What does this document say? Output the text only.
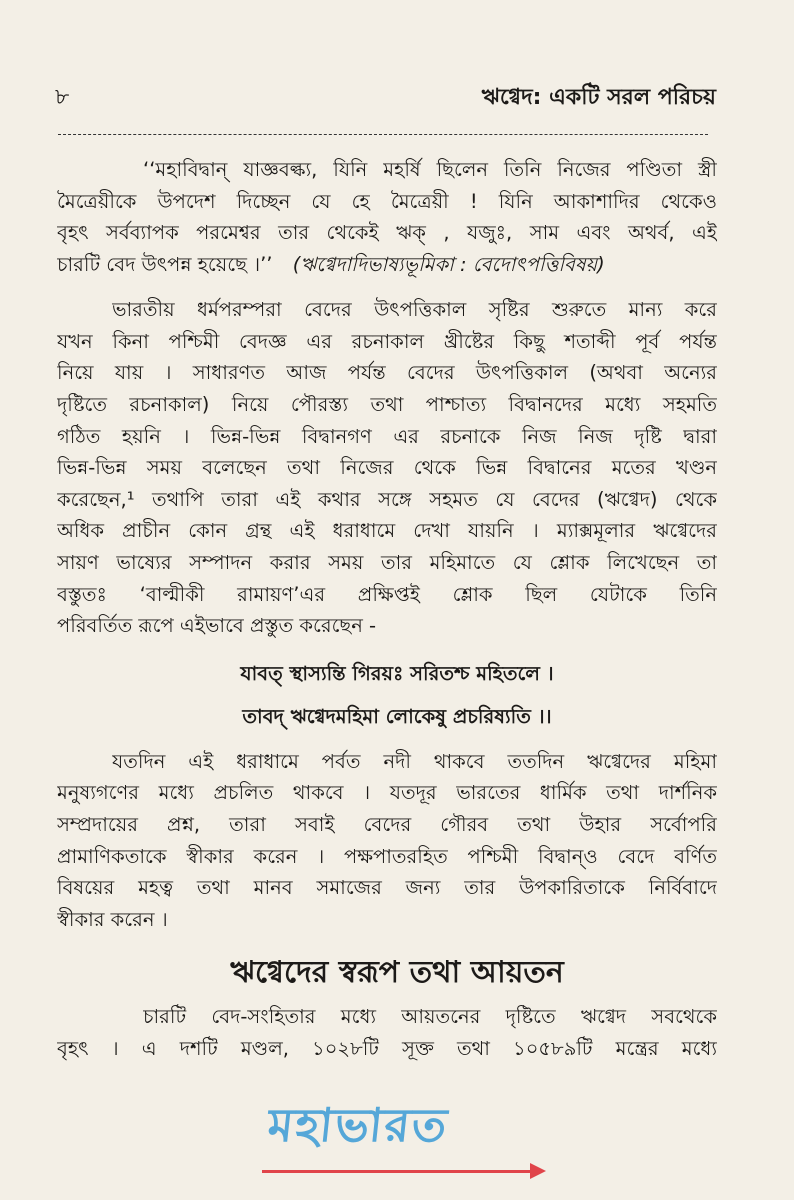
৮	ঋগ্বেদ: একটি সরল পরিচয়
‘‘মহাবিদ্বান্ যাজ্ঞবল্ক্য, যিনি মহর্ষি ছিলেন তিনি নিজের পণ্ডিতা স্ত্রী
মৈত্রেয়ীকে উপদেশ দিচ্ছেন যে হে মৈত্রেয়ী ! যিনি আকাশাদির থেকেও
বৃহৎ সর্বব্যাপক পরমেশ্বর তার থেকেই ঋক্ , যজুঃ, সাম এবং অথর্ব, এই
চারটি বেদ উৎপন্ন হয়েছে ।’’ (ঋগ্বেদাদিভাষ্যভূমিকা : বেদোৎপত্তিবিষয়)
ভারতীয় ধর্মপরম্পরা বেদের উৎপত্তিকাল সৃষ্টির শুরুতে মান্য করে
যখন কিনা পশ্চিমী বেদজ্ঞ এর রচনাকাল খ্রীষ্টের কিছু শতাব্দী পূর্ব পর্যন্ত
নিয়ে যায় । সাধারণত আজ পর্যন্ত বেদের উৎপত্তিকাল (অথবা অন্যের
দৃষ্টিতে রচনাকাল) নিয়ে পৌরস্ত্য তথা পাশ্চাত্য বিদ্বানদের মধ্যে সহমতি
গঠিত হয়নি । ভিন্ন-ভিন্ন বিদ্বানগণ এর রচনাকে নিজ নিজ দৃষ্টি দ্বারা
ভিন্ন-ভিন্ন সময় বলেছেন তথা নিজের থেকে ভিন্ন বিদ্বানের মতের খণ্ডন
করেছেন,¹ তথাপি তারা এই কথার সঙ্গে সহমত যে বেদের (ঋগ্বেদ) থেকে
অধিক প্রাচীন কোন গ্রন্থ এই ধরাধামে দেখা যায়নি । ম্যাক্সমূলার ঋগ্বেদের
সায়ণ ভাষ্যের সম্পাদন করার সময় তার মহিমাতে যে শ্লোক লিখেছেন তা
বস্তুতঃ ‘বাল্মীকী রামায়ণ’এর প্রক্ষিপ্তই শ্লোক ছিল যেটাকে তিনি
পরিবর্তিত রূপে এইভাবে প্রস্তুত করেছেন -
যাবত্ স্থাস্যন্তি গিরয়ঃ সরিতশ্চ মহিতলে ।
তাবদ্ ঋগ্বেদমহিমা লোকেষু প্রচরিষ্যতি ।।
যতদিন এই ধরাধামে পর্বত নদী থাকবে ততদিন ঋগ্বেদের মহিমা
মনুষ্যগণের মধ্যে প্রচলিত থাকবে । যতদূর ভারতের ধার্মিক তথা দার্শনিক
সম্প্রদায়ের প্রশ্ন, তারা সবাই বেদের গৌরব তথা উহার সর্বোপরি
প্রামাণিকতাকে স্বীকার করেন । পক্ষপাতরহিত পশ্চিমী বিদ্বান্ও বেদে বর্ণিত
বিষয়ের মহত্ব তথা মানব সমাজের জন্য তার উপকারিতাকে নির্বিবাদে
স্বীকার করেন ।
ঋগ্বেদের স্বরূপ তথা আয়তন
চারটি বেদ-সংহিতার মধ্যে আয়তনের দৃষ্টিতে ঋগ্বেদ সবথেকে
বৃহৎ । এ দশটি মণ্ডল, ১০২৮টি সূক্ত তথা ১০৫৮৯টি মন্ত্রের মধ্যে
মহাভারত
